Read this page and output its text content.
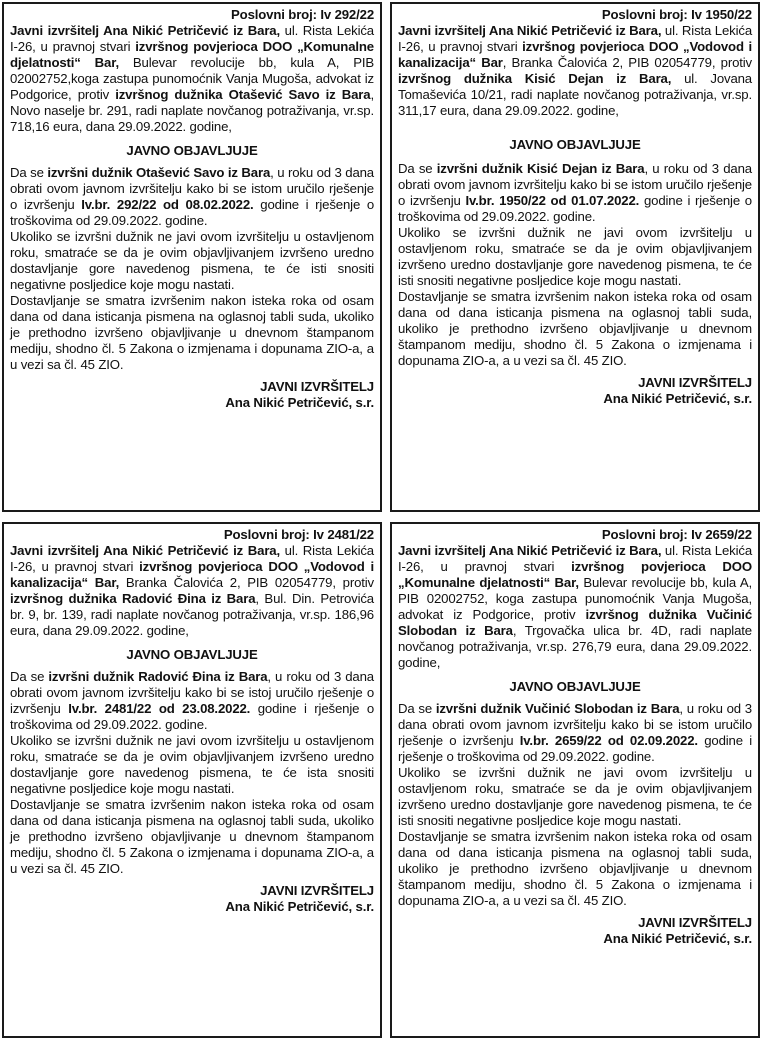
Poslovni broj: Iv 292/22

Javni izvršitelj Ana Nikić Petričević iz Bara, ul. Rista Lekića I-26, u pravnoj stvari izvršnog povjerioca DOO „Komunalne djelatnosti“ Bar, Bulevar revolucije bb, kula A, PIB 02002752,koga zastupa punomoćnik Vanja Mugoša, advokat iz Podgorice, protiv izvršnog dužnika Otašević Savo iz Bara, Novo naselje br. 291, radi naplate novčanog potraživanja, vr.sp. 718,16 eura, dana 29.09.2022. godine,

JAVNO OBJAVLJUJE

Da se izvršni dužnik Otašević Savo iz Bara, u roku od 3 dana obrati ovom javnom izvršitelju kako bi se istom uručilo rješenje o izvršenju Iv.br. 292/22 od 08.02.2022. godine i rješenje o troškovima od 29.09.2022. godine.

Ukoliko se izvršni dužnik ne javi ovom izvršitelju u ostavljenom roku, smatraće se da je ovim objavljivanjem izvršeno uredno dostavljanje gore navedenog pismena, te će isti snositi negativne posljedice koje mogu nastati.

Dostavljanje se smatra izvršenim nakon isteka roka od osam dana od dana isticanja pismena na oglasnoj tabli suda, ukoliko je prethodno izvršeno objavljivanje u dnevnom štampanom mediju, shodno čl. 5 Zakona o izmjenama i dopunama ZIO-a, a u vezi sa čl. 45 ZIO.

JAVNI IZVRŠITELJ
Ana Nikić Petričević, s.r.
Poslovni broj: Iv 1950/22

Javni izvršitelj Ana Nikić Petričević iz Bara, ul. Rista Lekića I-26, u pravnoj stvari izvršnog povjerioca DOO „Vodovod i kanalizacija“ Bar, Branka Čalovića 2, PIB 02054779, protiv izvršnog dužnika Kisić Dejan iz Bara, ul. Jovana Tomaševića 10/21, radi naplate novčanog potraživanja, vr.sp. 311,17 eura, dana 29.09.2022. godine,

JAVNO OBJAVLJUJE

Da se izvršni dužnik Kisić Dejan iz Bara, u roku od 3 dana obrati ovom javnom izvršitelju kako bi se istom uručilo rješenje o izvršenju Iv.br. 1950/22 od 01.07.2022. godine i rješenje o troškovima od 29.09.2022. godine.

Ukoliko se izvršni dužnik ne javi ovom izvršitelju u ostavljenom roku, smatraće se da je ovim objavljivanjem izvršeno uredno dostavljanje gore navedenog pismena, te će isti snositi negativne posljedice koje mogu nastati.

Dostavljanje se smatra izvršenim nakon isteka roka od osam dana od dana isticanja pismena na oglasnoj tabli suda, ukoliko je prethodno izvršeno objavljivanje u dnevnom štampanom mediju, shodno čl. 5 Zakona o izmjenama i dopunama ZIO-a, a u vezi sa čl. 45 ZIO.

JAVNI IZVRŠITELJ
Ana Nikić Petričević, s.r.
Poslovni broj: Iv 2481/22

Javni izvršitelj Ana Nikić Petričević iz Bara, ul. Rista Lekića I-26, u pravnoj stvari izvršnog povjerioca DOO „Vodovod i kanalizacija“ Bar, Branka Čalovića 2, PIB 02054779, protiv izvršnog dužnika Radović Đina iz Bara, Bul. Din. Petrovića br. 9, br. 139, radi naplate novčanog potraživanja, vr.sp. 186,96 eura, dana 29.09.2022. godine,

JAVNO OBJAVLJUJE

Da se izvršni dužnik Radović Đina iz Bara, u roku od 3 dana obrati ovom javnom izvršitelju kako bi se istoj uručilo rješenje o izvršenju Iv.br. 2481/22 od 23.08.2022. godine i rješenje o troškovima od 29.09.2022. godine.

Ukoliko se izvršni dužnik ne javi ovom izvršitelju u ostavljenom roku, smatraće se da je ovim objavljivanjem izvršeno uredno dostavljanje gore navedenog pismena, te će ista snositi negativne posljedice koje mogu nastati.

Dostavljanje se smatra izvršenim nakon isteka roka od osam dana od dana isticanja pismena na oglasnoj tabli suda, ukoliko je prethodno izvršeno objavljivanje u dnevnom štampanom mediju, shodno čl. 5 Zakona o izmjenama i dopunama ZIO-a, a u vezi sa čl. 45 ZIO.

JAVNI IZVRŠITELJ
Ana Nikić Petričević, s.r.
Poslovni broj: Iv 2659/22

Javni izvršitelj Ana Nikić Petričević iz Bara, ul. Rista Lekića I-26, u pravnoj stvari izvršnog povjerioca DOO „Komunalne djelatnosti“ Bar, Bulevar revolucije bb, kula A, PIB 02002752, koga zastupa punomoćnik Vanja Mugoša, advokat iz Podgorice, protiv izvršnog dužnika Vučinić Slobodan iz Bara, Trgovačka ulica br. 4D, radi naplate novčanog potraživanja, vr.sp. 276,79 eura, dana 29.09.2022. godine,

JAVNO OBJAVLJUJE

Da se izvršni dužnik Vučinić Slobodan iz Bara, u roku od 3 dana obrati ovom javnom izvršitelju kako bi se istom uručilo rješenje o izvršenju Iv.br. 2659/22 od 02.09.2022. godine i rješenje o troškovima od 29.09.2022. godine.

Ukoliko se izvršni dužnik ne javi ovom izvršitelju u ostavljenom roku, smatraće se da je ovim objavljivanjem izvršeno uredno dostavljanje gore navedenog pismena, te će isti snositi negativne posljedice koje mogu nastati.

Dostavljanje se smatra izvršenim nakon isteka roka od osam dana od dana isticanja pismena na oglasnoj tabli suda, ukoliko je prethodno izvršeno objavljivanje u dnevnom štampanom mediju, shodno čl. 5 Zakona o izmjenama i dopunama ZIO-a, a u vezi sa čl. 45 ZIO.

JAVNI IZVRŠITELJ
Ana Nikić Petričević, s.r.
